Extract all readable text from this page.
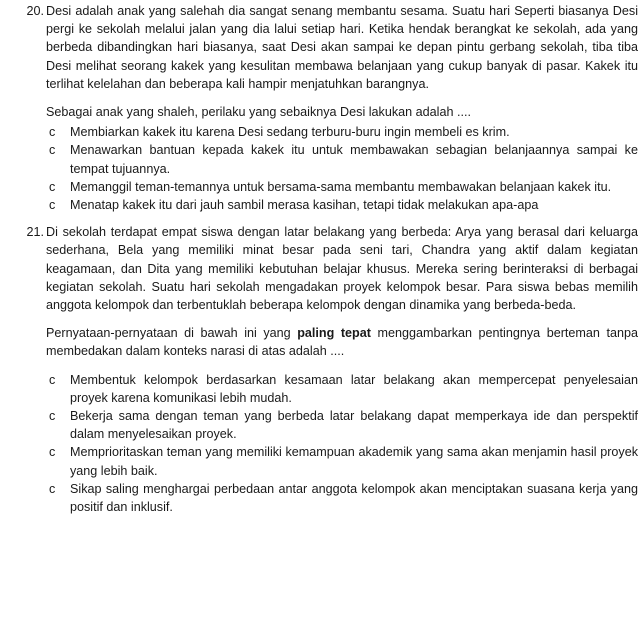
20. Desi adalah anak yang salehah dia sangat senang membantu sesama. Suatu hari Seperti biasanya Desi pergi ke sekolah melalui jalan yang dia lalui setiap hari. Ketika hendak berangkat ke sekolah, ada yang berbeda dibandingkan hari biasanya, saat Desi akan sampai ke depan pintu gerbang sekolah, tiba tiba Desi melihat seorang kakek yang kesulitan membawa belanjaan yang cukup banyak di pasar. Kakek itu terlihat kelelahan dan beberapa kali hampir menjatuhkan barangnya.
Sebagai anak yang shaleh, perilaku yang sebaiknya Desi lakukan adalah ....
c Membiarkan kakek itu karena Desi sedang terburu-buru ingin membeli es krim.
c Menawarkan bantuan kepada kakek itu untuk membawakan sebagian belanjaannya sampai ke tempat tujuannya.
c Memanggil teman-temannya untuk bersama-sama membantu membawakan belanjaan kakek itu.
c Menatap kakek itu dari jauh sambil merasa kasihan, tetapi tidak melakukan apa-apa
21. Di sekolah terdapat empat siswa dengan latar belakang yang berbeda: Arya yang berasal dari keluarga sederhana, Bela yang memiliki minat besar pada seni tari, Chandra yang aktif dalam kegiatan keagamaan, dan Dita yang memiliki kebutuhan belajar khusus. Mereka sering berinteraksi di berbagai kegiatan sekolah. Suatu hari sekolah mengadakan proyek kelompok besar. Para siswa bebas memilih anggota kelompok dan terbentuklah beberapa kelompok dengan dinamika yang berbeda-beda.
Pernyataan-pernyataan di bawah ini yang paling tepat menggambarkan pentingnya berteman tanpa membedakan dalam konteks narasi di atas adalah ....
c Membentuk kelompok berdasarkan kesamaan latar belakang akan mempercepat penyelesaian proyek karena komunikasi lebih mudah.
c Bekerja sama dengan teman yang berbeda latar belakang dapat memperkaya ide dan perspektif dalam menyelesaikan proyek.
c Memprioritaskan teman yang memiliki kemampuan akademik yang sama akan menjamin hasil proyek yang lebih baik.
c Sikap saling menghargai perbedaan antar anggota kelompok akan menciptakan suasana kerja yang positif dan inklusif.
